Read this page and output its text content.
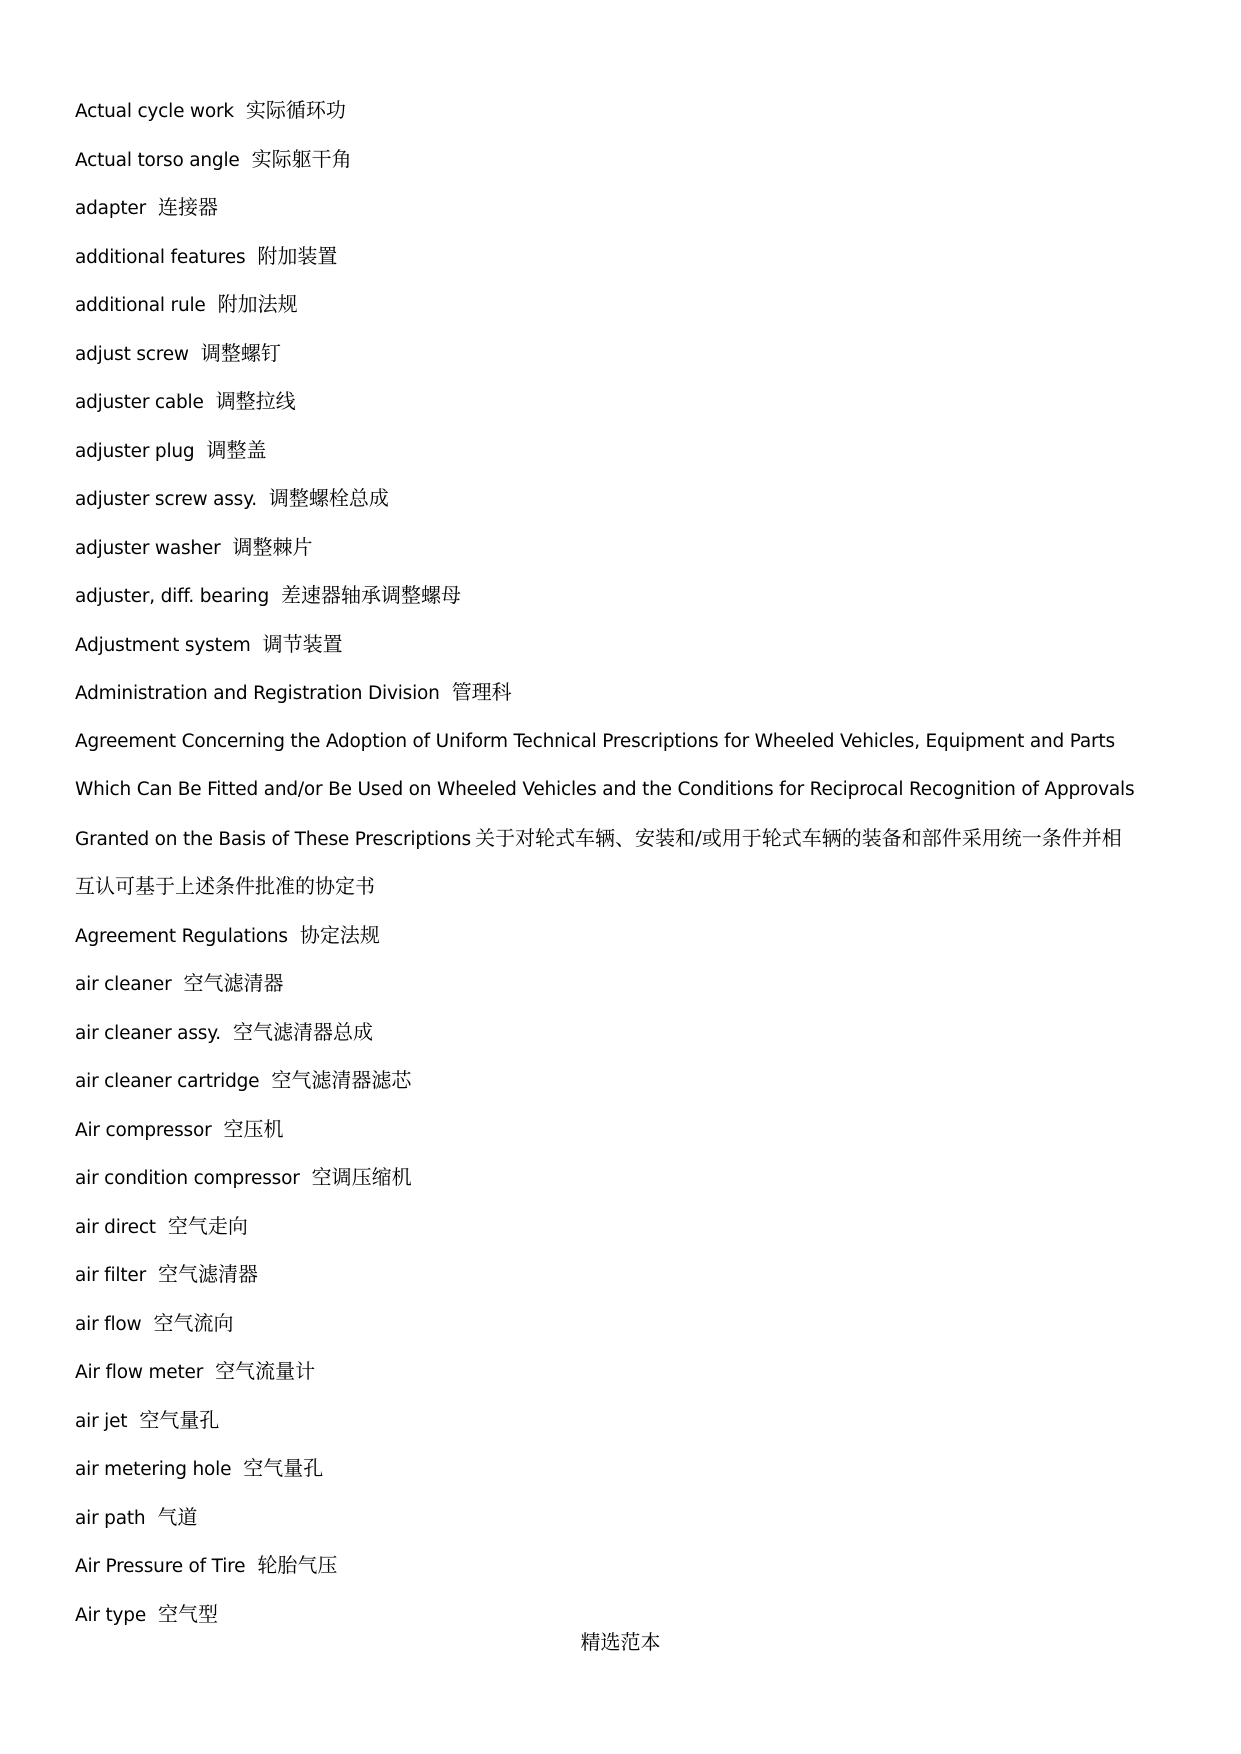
Actual cycle work 实际循环功
Actual torso angle 实际躯干角
adapter 连接器
additional features 附加装置
additional rule 附加法规
adjust screw 调整螺钉
adjuster cable 调整拉线
adjuster plug 调整盖
adjuster screw assy. 调整螺栓总成
adjuster washer 调整棘片
adjuster, diff. bearing 差速器轴承调整螺母
Adjustment system 调节装置
Administration and Registration Division 管理科
Agreement Concerning the Adoption of Uniform Technical Prescriptions for Wheeled Vehicles, Equipment and Parts
Which Can Be Fitted and/or Be Used on Wheeled Vehicles and the Conditions for Reciprocal Recognition of Approvals
Granted on the Basis of These Prescriptions 关于对轮式车辆、安装和/或用于轮式车辆的装备和部件采用统一条件并相
互认可基于上述条件批准的协定书
Agreement Regulations 协定法规
air cleaner 空气滤清器
air cleaner assy. 空气滤清器总成
air cleaner cartridge 空气滤清器滤芯
Air compressor 空压机
air condition compressor 空调压缩机
air direct 空气走向
air filter 空气滤清器
air flow 空气流向
Air flow meter 空气流量计
air jet 空气量孔
air metering hole 空气量孔
air path 气道
Air Pressure of Tire 轮胎气压
Air type 空气型
精选范本
